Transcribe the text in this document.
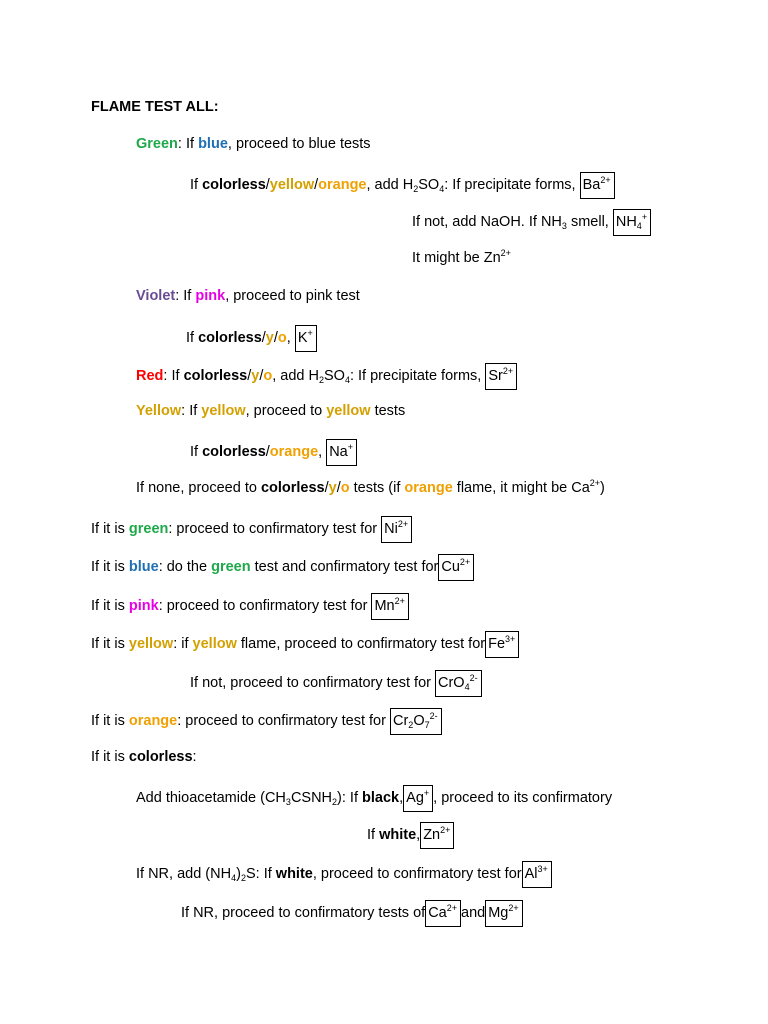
FLAME TEST ALL:
Green: If blue, proceed to blue tests
If colorless/yellow/orange, add $H_2SO_4$: If precipitate forms, $Ba^{2+}$
If not, add NaOH. If $NH_3$ smell, $NH_4^+$
It might be $Zn^{2+}$
Violet: If pink, proceed to pink test
If colorless/y/o, K+
Red: If colorless/y/o, add $H_2SO_4$: If precipitate forms, $Sr^{2+}$
Yellow: If yellow, proceed to yellow tests
If colorless/orange, Na+
If none, proceed to colorless/y/o tests (if orange flame, it might be $Ca^{2+}$)
If it is green: proceed to confirmatory test for $Ni^{2+}$
If it is blue: do the green test and confirmatory test for $Cu^{2+}$
If it is pink: proceed to confirmatory test for $Mn^{2+}$
If it is yellow: if yellow flame, proceed to confirmatory test for $Fe^{3+}$
If not, proceed to confirmatory test for CrO$_4^{2-}$
If it is orange: proceed to confirmatory test for $Cr_2O_7^{2-}$
If it is colorless:
Add thioacetamide $(CH_3CSNH_2)$: If black, Ag+ , proceed to its confirmatory
If white, $Zn^{2+}$
If NR, add $(NH_4)_2S$: If white, proceed to confirmatory test for $Al^{3+}$
If NR, proceed to confirmatory tests of $Ca^{2+}$ and $Mg^{2+}$
